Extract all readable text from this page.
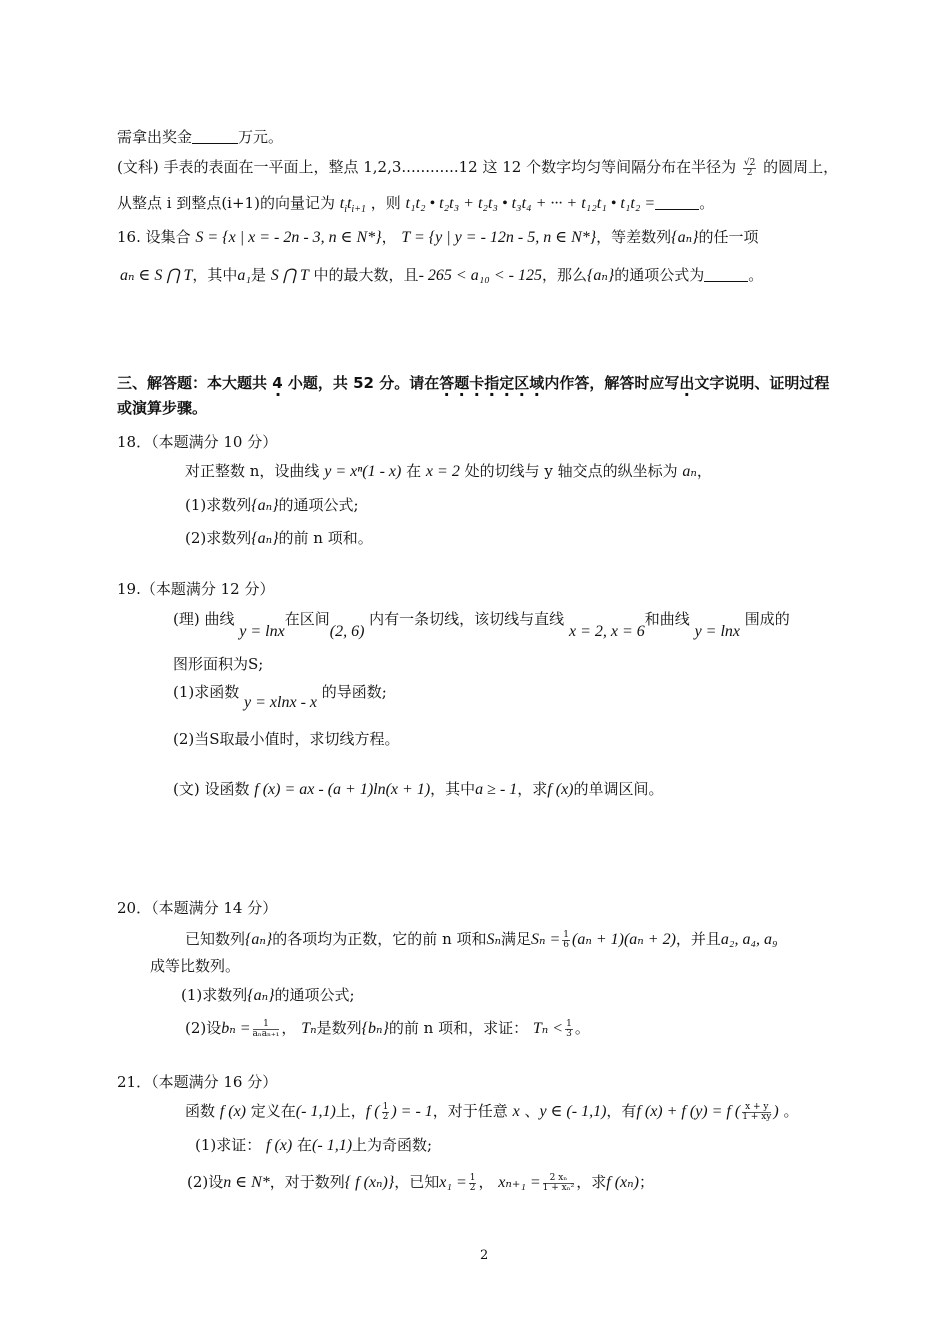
需拿出奖金	万元。
(文科) 手表的表面在一平面上，整点 1,2,3............12 这 12 个数字均匀等间隔分布在半径为 $\frac{√2}{2}$ 的圆周上，
从整点 i 到整点(i+1)的向量记为 $t_it_{i+1}$ ，则 t₁t₂ • t₂t₃ + t₂t₃ • t₃t₄ + ··· + t₁₂t₁ • t₁t₂ =	。
16. 设集合 S = {x | x = - 2n - 3, n ∈ N*}， T = {y | y = - 12n - 5, n ∈ N*}，等差数列{aₙ}的任一项
aₙ ∈ S ⋂ T，其中a₁是 S ⋂ T 中的最大数，且- 265 < a₁₀ < - 125，那么{aₙ}的通项公式为	。
三、解答题：本大题共 4 小题，共 52 分。请在 ·答题卡指定区域 ·内作答，解答时应写出文字说明、证明过程 ·
或演算步骤。
18．（本题满分 10 分）
对正整数 n，设曲线 y = xⁿ(1 - x) 在 x = 2 处的切线与 y 轴交点的纵坐标为 aₙ，
(1)求数列{aₙ}的通项公式;
(2)求数列{aₙ}的前 n 项和。
19.（本题满分 12 分）
(理) 曲线 y = lnx在区间(2, 6) 内有一条切线，该切线与直线 x = 2, x = 6和曲线 y = lnx 围成的
图形面积为S;
(1)求函数 y = xlnx - x 的导函数;
(2)当S取最小值时，求切线方程。
(文) 设函数 f (x) = ax - (a + 1)ln(x + 1)，其中a ≥ - 1，求f (x)的单调区间。
20．（本题满分 14 分）
已知数列{aₙ}的各项均为正数，它的前 n 项和Sₙ满足$S_n = \frac{1}{6} (a_n + 1)(a_n + 2)$，并且a₂, a₄, a₉
成等比数列。
(1)求数列{aₙ}的通项公式;
(2)设$b_n = \frac{1}{\text{aₙaₙ₊₁}}$ ， Tₙ是数列{bₙ}的前 n 项和，求证： $T_n < \frac{1}{3}$ 。
21．（本题满分 16 分）
函数 f (x) 定义在(- 1,1)上，f ( $\frac{1}{2}$ ) = - 1，对于任意 x 、y ∈ (- 1,1)，有f (x) + f (y) = f ( $\frac{x + y}{1 + xy}$ ) 。
(1)求证： f (x) 在(- 1,1)上为奇函数;
(2)设n ∈ N*，对于数列{ f (xₙ)}，已知$x_1 = \frac{1}{2}$ ， $x_{n+1} = \frac{\text{2 xₙ}}{\text{1 + xₙ²}}$ ，求f (xₙ)；
2
